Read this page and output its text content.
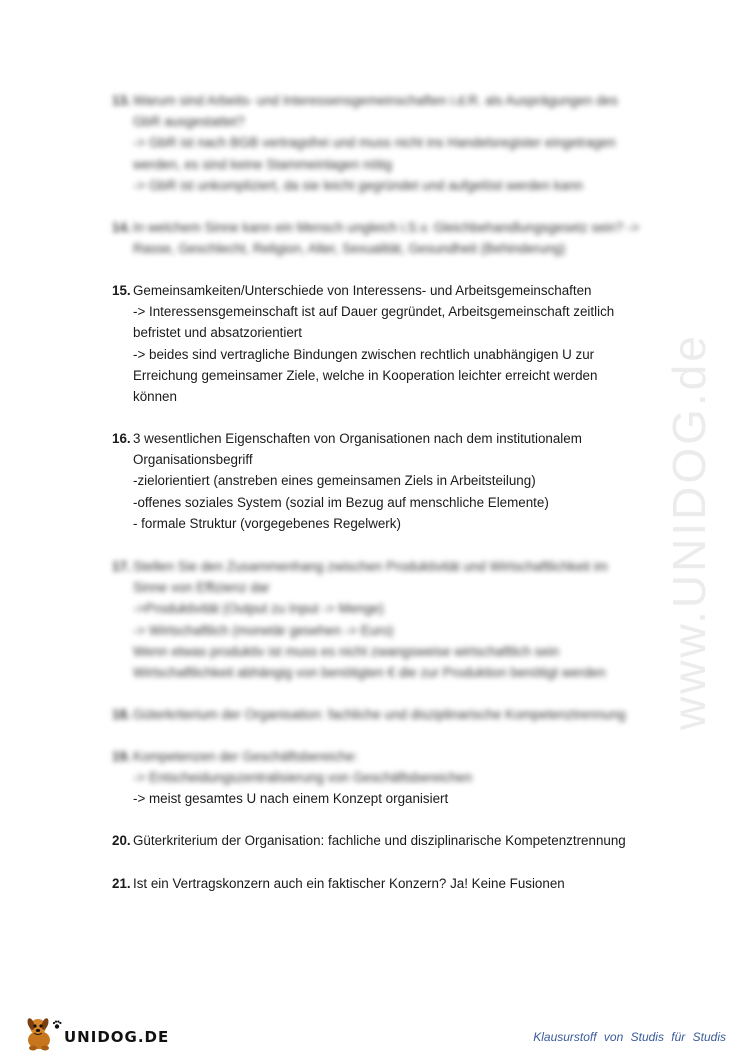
www.UNIDOG.de
13. Warum sind Arbeits- und Interessensgemeinschaften i.d.R. als Ausprägungen des
GbR ausgestattet?
-> GbR ist nach BGB vertragsfrei und muss nicht ins Handelsregister eingetragen
werden, es sind keine Stammeinlagen nötig
-> GbR ist unkompliziert, da sie leicht gegründet und aufgelöst werden kann
14. In welchem Sinne kann ein Mensch ungleich i.S.v. Gleichbehandlungsgesetz sein? ->
Rasse, Geschlecht, Religion, Alter, Sexualität, Gesundheit (Behinderung)
15. Gemeinsamkeiten/Unterschiede von Interessens- und Arbeitsgemeinschaften
-> Interessensgemeinschaft ist auf Dauer gegründet, Arbeitsgemeinschaft zeitlich
befristet und absatzorientiert
-> beides sind vertragliche Bindungen zwischen rechtlich unabhängigen U zur
Erreichung gemeinsamer Ziele, welche in Kooperation leichter erreicht werden
können
16. 3 wesentlichen Eigenschaften von Organisationen nach dem institutionalem
Organisationsbegriff
-zielorientiert (anstreben eines gemeinsamen Ziels in Arbeitsteilung)
-offenes soziales System (sozial im Bezug auf menschliche Elemente)
- formale Struktur (vorgegebenes Regelwerk)
17. Stellen Sie den Zusammenhang zwischen Produktivität und Wirtschaftlichkeit im
Sinne von Effizienz dar
->Produktivität (Output zu Input -> Menge)
-> Wirtschaftlich (monetär gesehen -> Euro)
Wenn etwas produktiv ist muss es nicht zwangsweise wirtschaftlich sein
Wirtschaftlichkeit abhängig von benötigten € die zur Produktion benötigt werden
18. Güterkriterium der Organisation: fachliche und disziplinarische Kompetenztrennung
19. Kompetenzen der Geschäftsbereiche:
-> Entscheidungszentralisierung von Geschäftsbereichen
-> meist gesamtes U nach einem Konzept organisiert
20. Güterkriterium der Organisation: fachliche und disziplinarische Kompetenztrennung
21. Ist ein Vertragskonzern auch ein faktischer Konzern? Ja! Keine Fusionen
UNIDOG.DE	Klausurstoff von Studis für Studis
